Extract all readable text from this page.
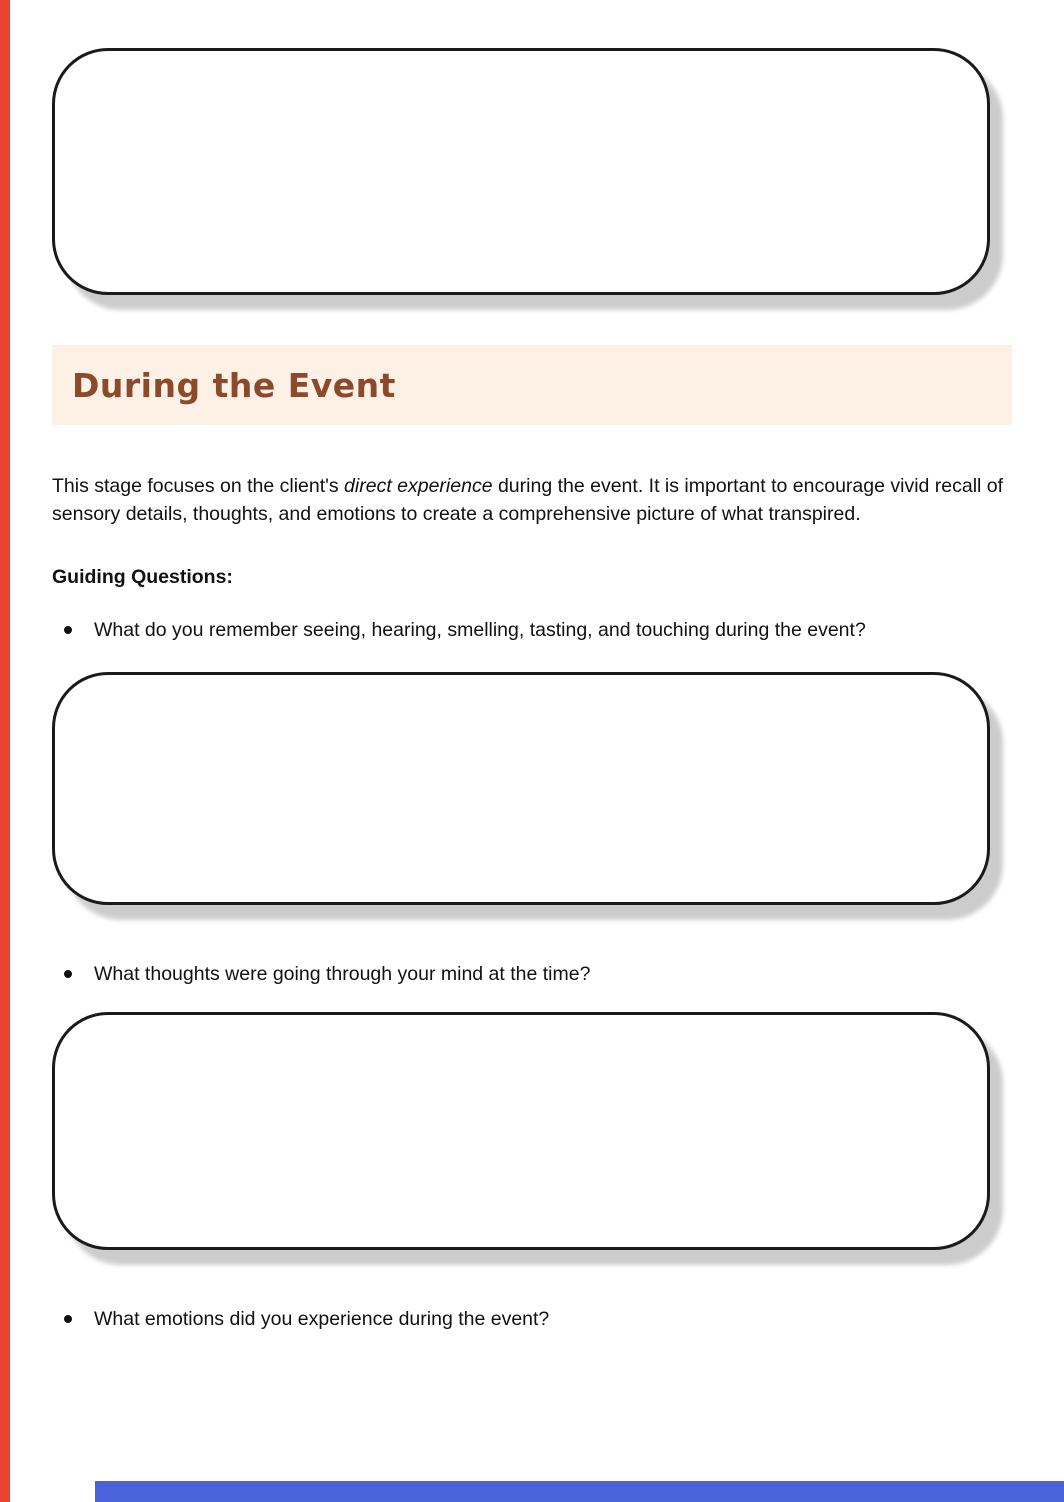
During the Event

This stage focuses on the client's direct experience during the event. It is important to encourage vivid recall of sensory details, thoughts, and emotions to create a comprehensive picture of what transpired.

Guiding Questions:
What do you remember seeing, hearing, smelling, tasting, and touching during the event?
What thoughts were going through your mind at the time?
What emotions did you experience during the event?
